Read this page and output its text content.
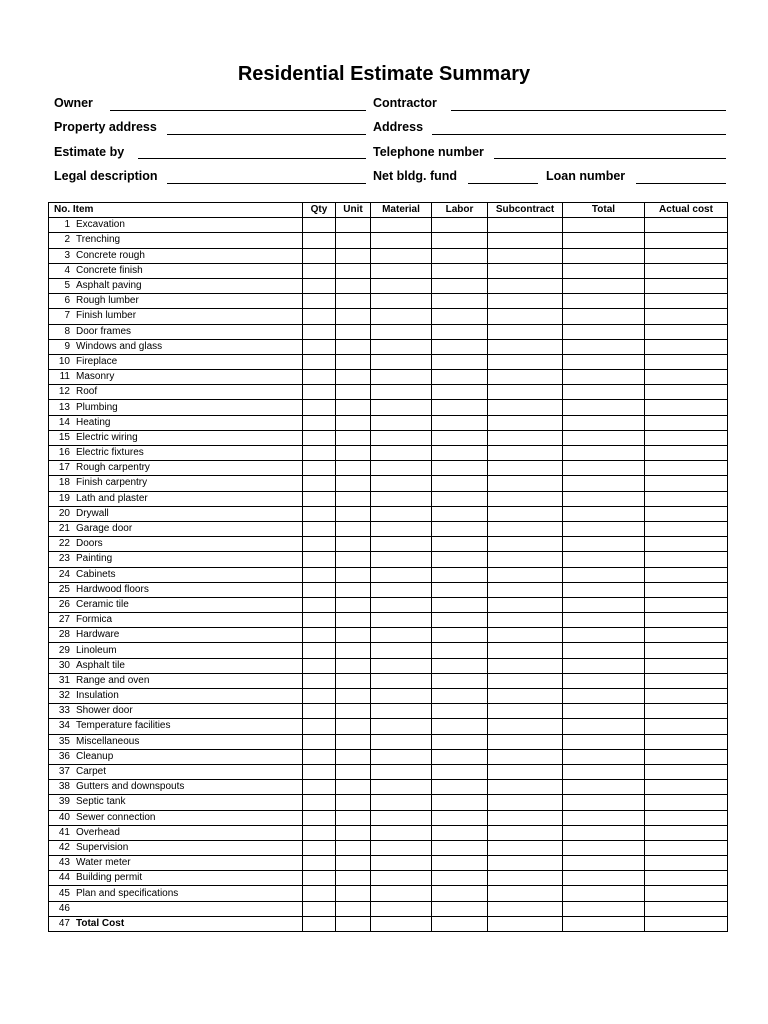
Residential Estimate Summary
Owner	Contractor
Property address	Address
Estimate by	Telephone number
Legal description	Net bldg. fund	Loan number
No. Item	Qty	Unit	Material	Labor	Subcontract	Total	Actual cost
1 Excavation							
2 Trenching							
3 Concrete rough							
4 Concrete finish							
5 Asphalt paving							
6 Rough lumber							
7 Finish lumber							
8 Door frames							
9 Windows and glass							
10 Fireplace							
11 Masonry							
12 Roof							
13 Plumbing							
14 Heating							
15 Electric wiring							
16 Electric fixtures							
17 Rough carpentry							
18 Finish carpentry							
19 Lath and plaster							
20 Drywall							
21 Garage door							
22 Doors							
23 Painting							
24 Cabinets							
25 Hardwood floors							
26 Ceramic tile							
27 Formica							
28 Hardware							
29 Linoleum							
30 Asphalt tile							
31 Range and oven							
32 Insulation							
33 Shower door							
34 Temperature facilities							
35 Miscellaneous							
36 Cleanup							
37 Carpet							
38 Gutters and downspouts							
39 Septic tank							
40 Sewer connection							
41 Overhead							
42 Supervision							
43 Water meter							
44 Building permit							
45 Plan and specifications							
46							
47 Total Cost							
